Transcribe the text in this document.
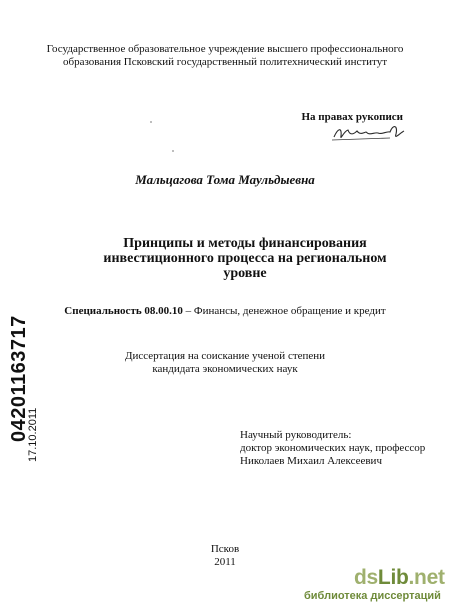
Государственное образовательное учреждение высшего профессионального
образования Псковский государственный политехнический институт
На правах рукописи
Мальцагова Тома Маульдыевна
Принципы и методы финансирования
инвестиционного процесса на региональном
уровне
Специальность 08.00.10 – Финансы, денежное обращение и кредит
Диссертация на соискание ученой степени
кандидата экономических наук
Научный руководитель:
доктор экономических наук, профессор
Николаев Михаил Алексеевич
Псков
2011
04201163717
17.10.2011
dsLib.net
библиотека диссертаций
